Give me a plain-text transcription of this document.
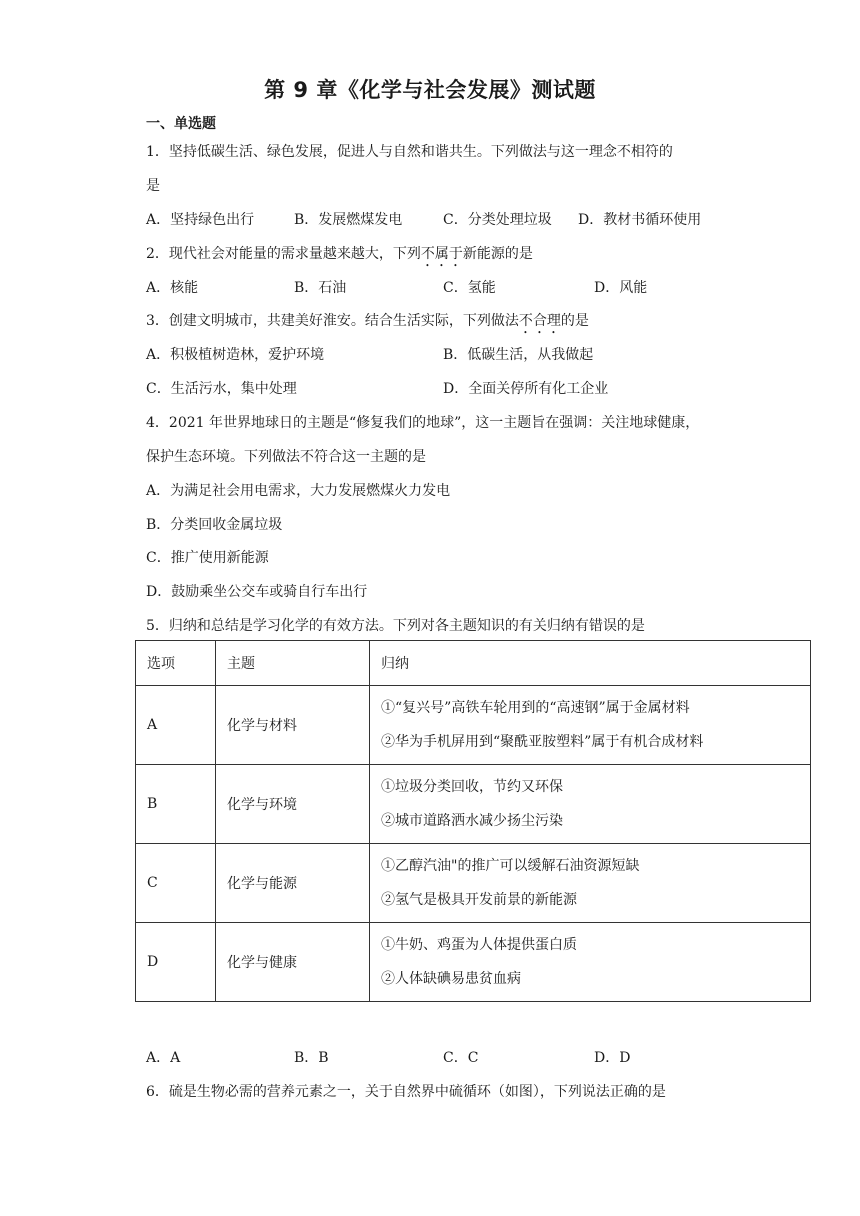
第 9 章《化学与社会发展》测试题
一、单选题
1．坚持低碳生活、绿色发展，促进人与自然和谐共生。下列做法与这一理念不相符的
是
A．坚持绿色出行	B．发展燃煤发电	C．分类处理垃圾 D．教材书循环使用
2．现代社会对能量的需求量越来越大，下列不属于新能源的是
A．核能	B．石油	C．氢能	D．风能
3．创建文明城市，共建美好淮安。结合生活实际，下列做法不合理的是
A．积极植树造林，爱护环境	B．低碳生活，从我做起
C．生活污水，集中处理	D．全面关停所有化工企业
4．2021 年世界地球日的主题是“修复我们的地球”，这一主题旨在强调：关注地球健康，
保护生态环境。下列做法不符合这一主题的是
A．为满足社会用电需求，大力发展燃煤火力发电
B．分类回收金属垃圾
C．推广使用新能源
D．鼓励乘坐公交车或骑自行车出行
5．归纳和总结是学习化学的有效方法。下列对各主题知识的有关归纳有错误的是
选项	主题	归纳
A	化学与材料	①“复兴号”高铁车轮用到的“高速钢”属于金属材料
②华为手机屏用到“聚酰亚胺塑料”属于有机合成材料

B	化学与环境	①垃圾分类回收，节约又环保
②城市道路洒水减少扬尘污染

C	化学与能源	①乙醇汽油"的推广可以缓解石油资源短缺
②氢气是极具开发前景的新能源

D	化学与健康	①牛奶、鸡蛋为人体提供蛋白质
②人体缺碘易患贫血病
A．A	B．B	C．C	D．D
6．硫是生物必需的营养元素之一，关于自然界中硫循环（如图），下列说法正确的是
